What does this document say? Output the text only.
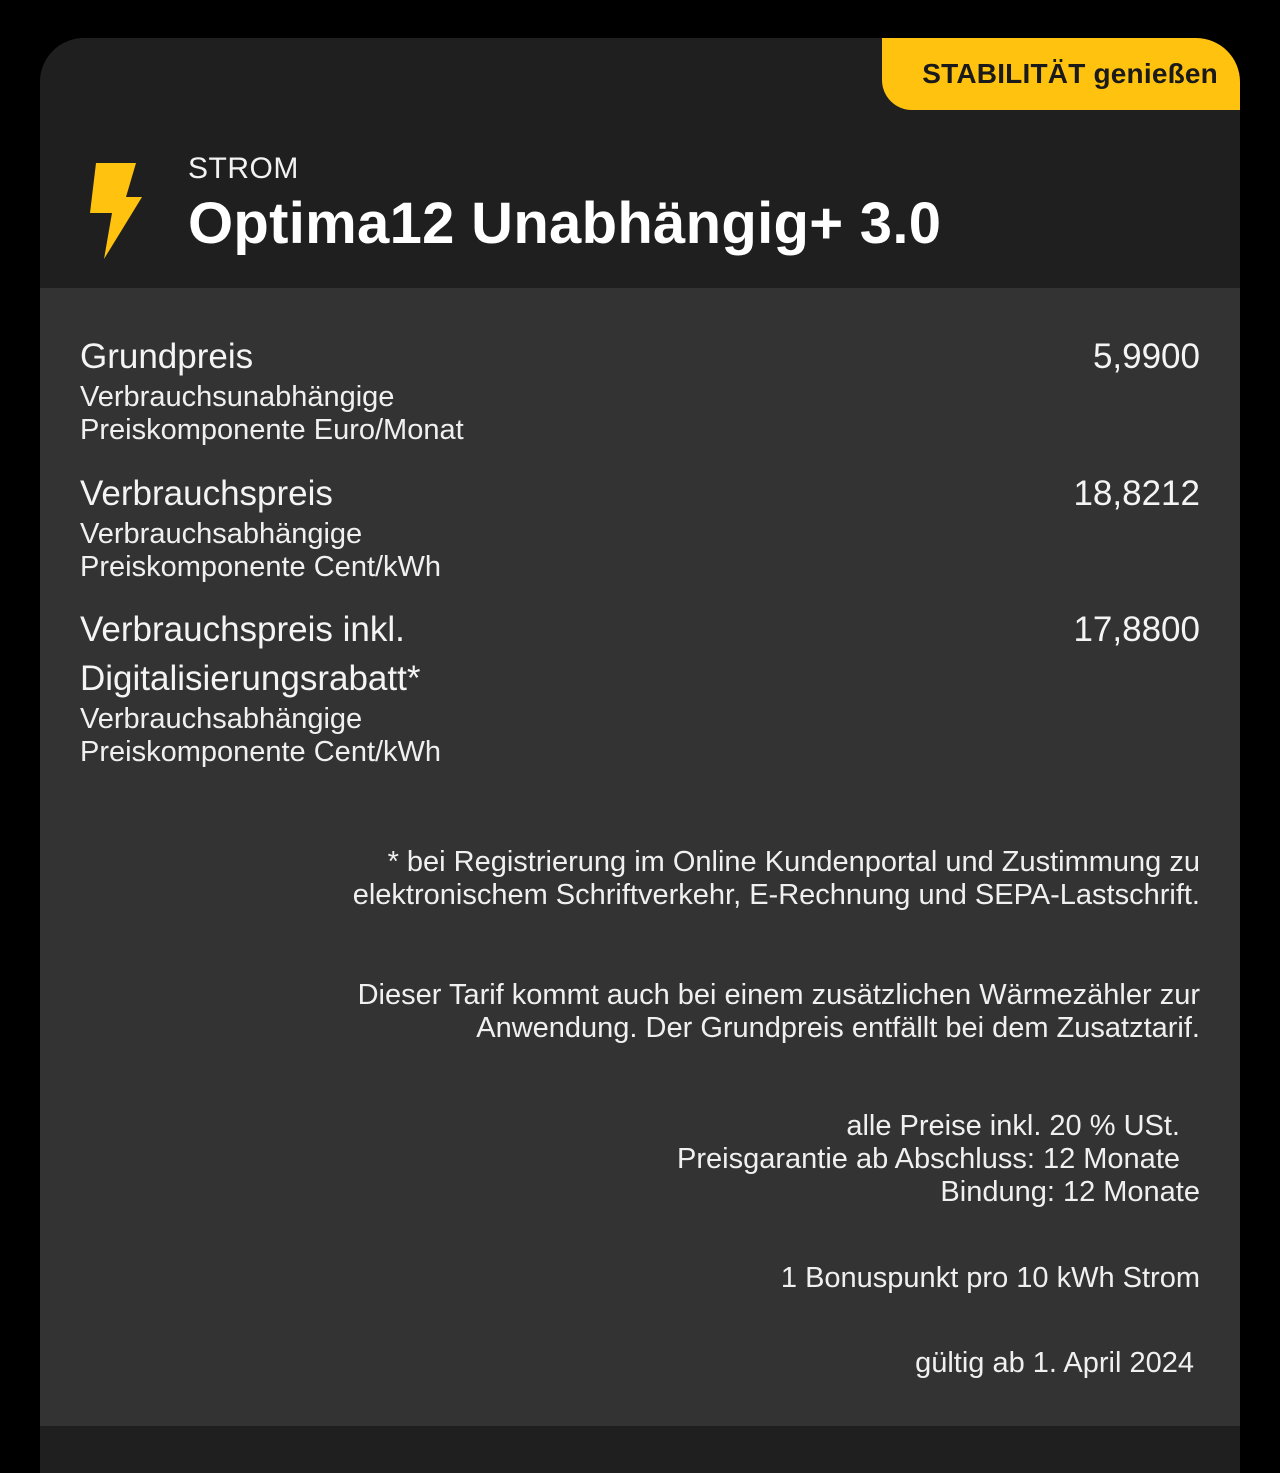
STABILITÄT genießen
STROM
Optima12 Unabhängig+ 3.0
Grundpreis
Verbrauchsunabhängige
Preiskomponente Euro/Monat
5,9900
Verbrauchspreis
Verbrauchsabhängige
Preiskomponente Cent/kWh
18,8212
Verbrauchspreis inkl.
Digitalisierungsrabatt*
Verbrauchsabhängige
Preiskomponente Cent/kWh
17,8800
* bei Registrierung im Online Kundenportal und Zustimmung zu
elektronischem Schriftverkehr, E-Rechnung und SEPA-Lastschrift.
Dieser Tarif kommt auch bei einem zusätzlichen Wärmezähler zur
Anwendung. Der Grundpreis entfällt bei dem Zusatztarif.
alle Preise inkl. 20 % USt.
Preisgarantie ab Abschluss: 12 Monate
Bindung: 12 Monate
1 Bonuspunkt pro 10 kWh Strom
gültig ab 1. April 2024
